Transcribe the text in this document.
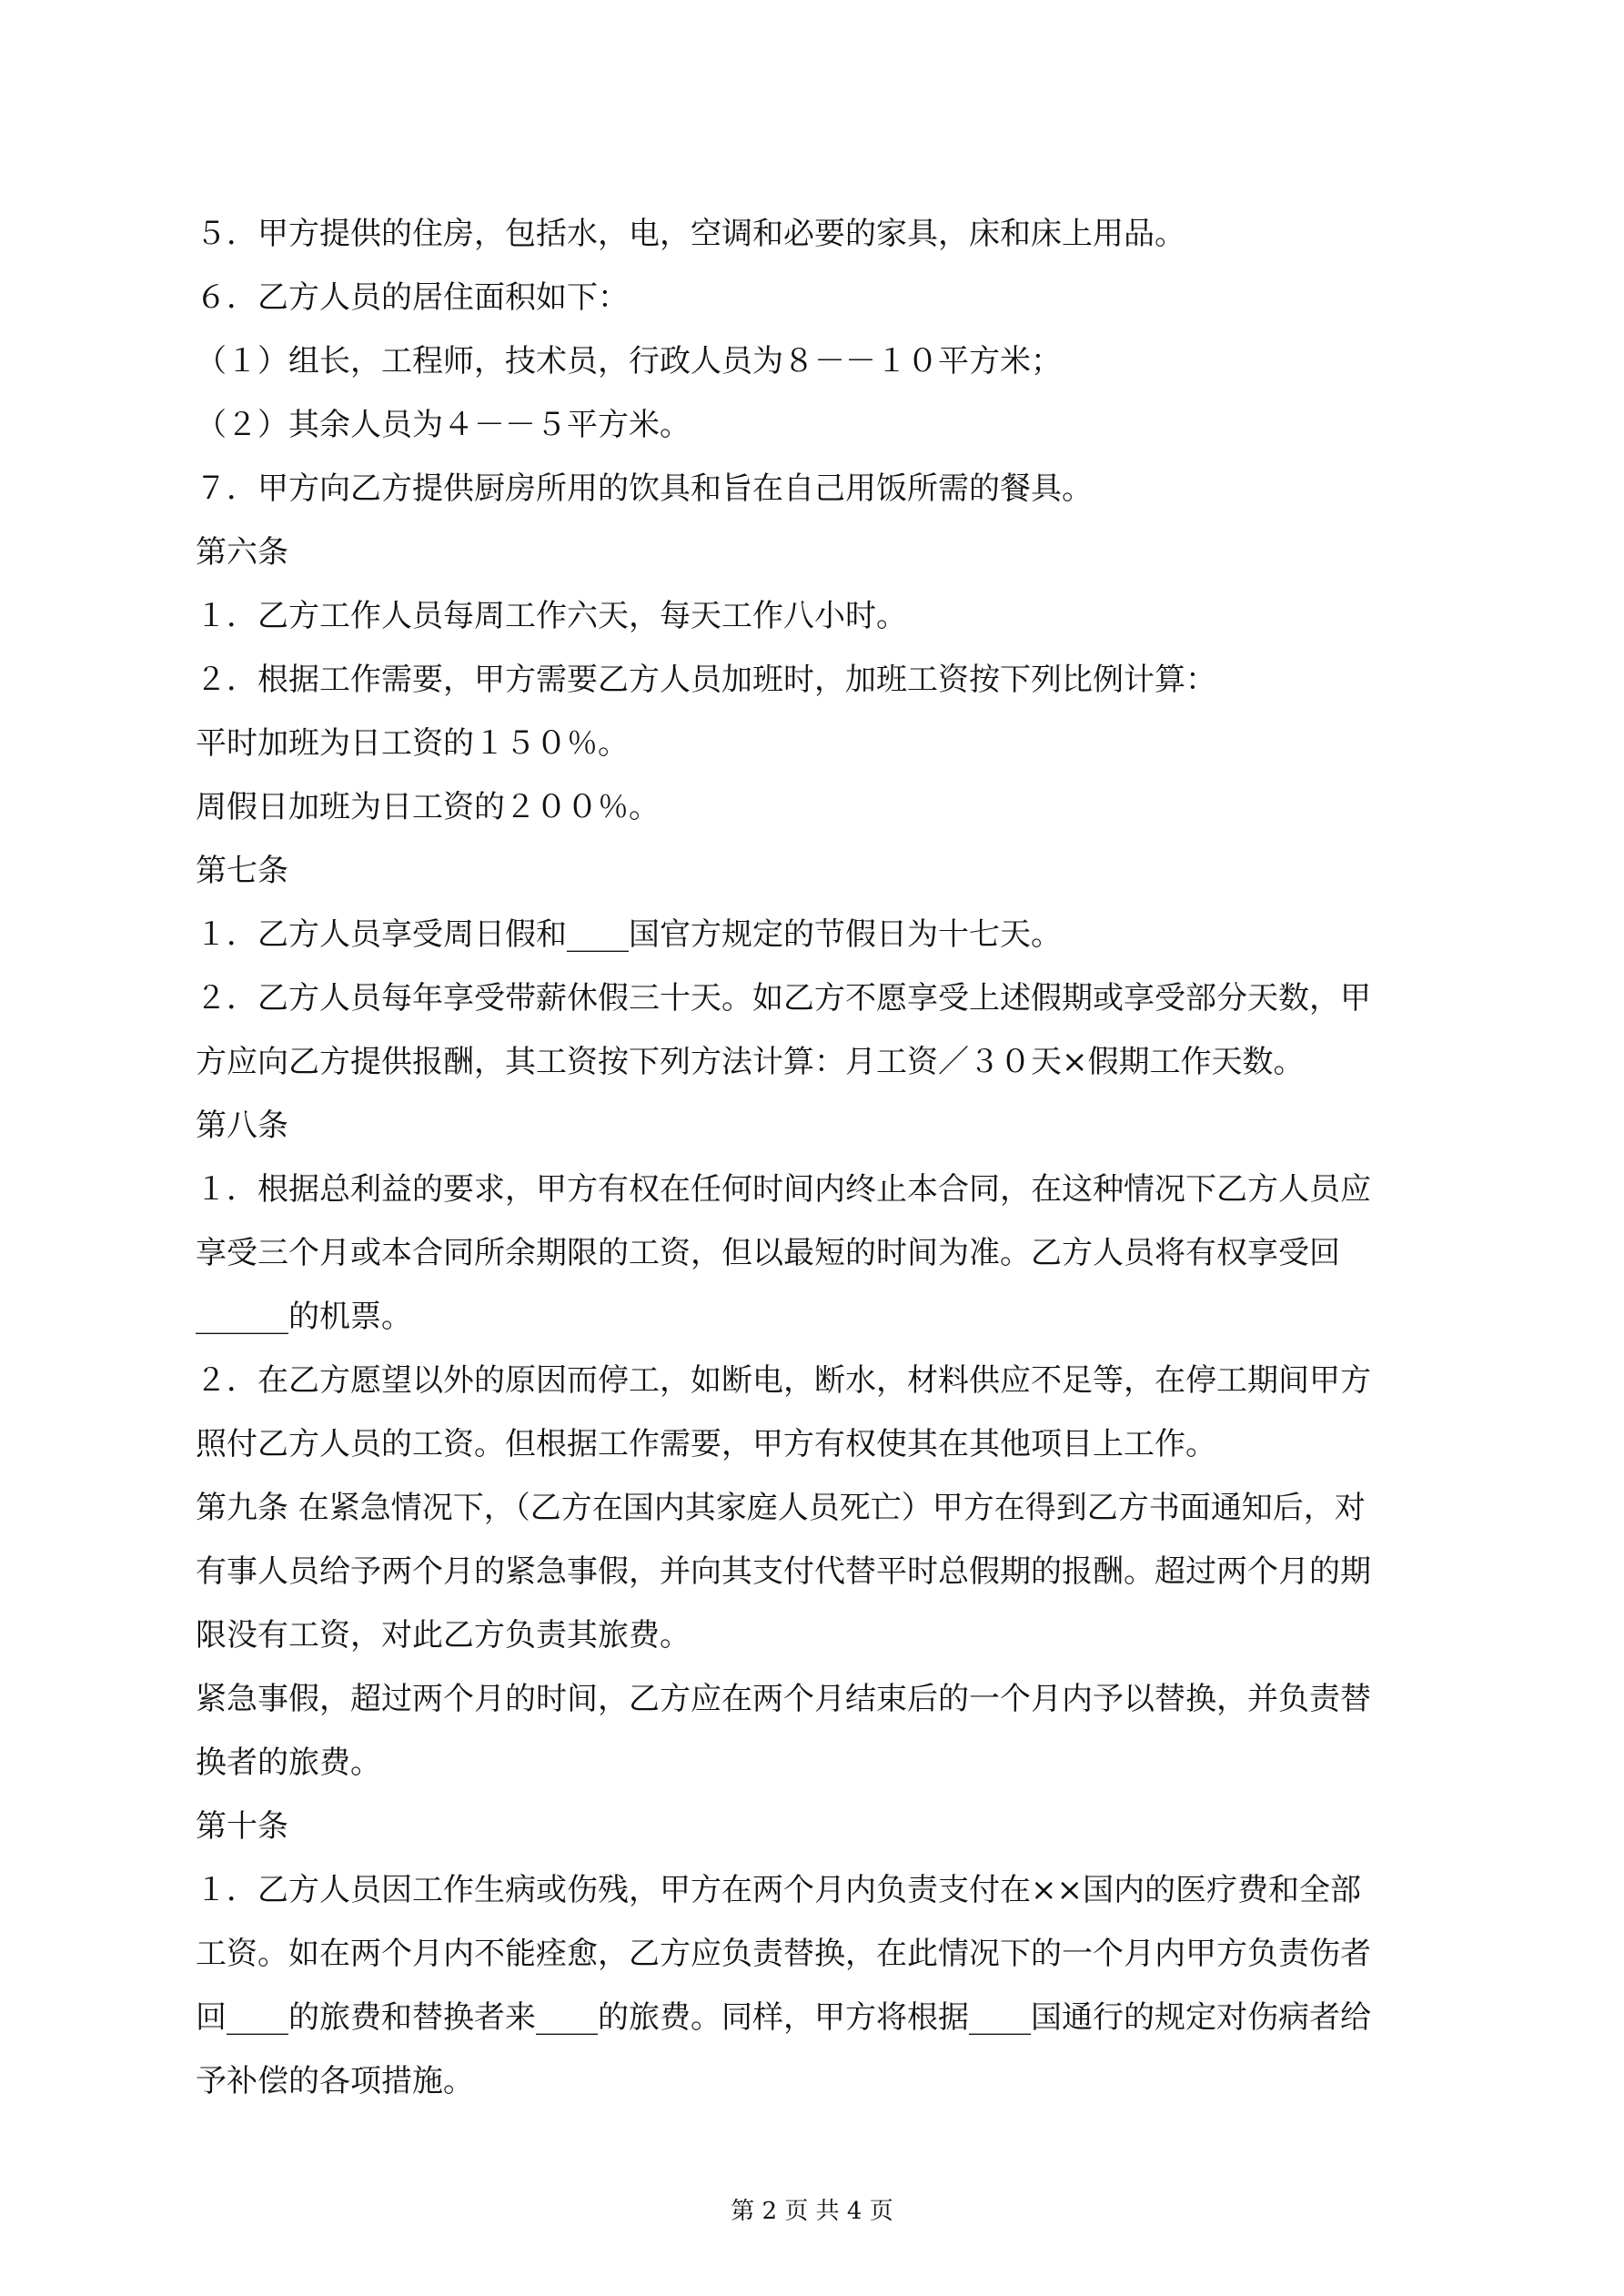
５．甲方提供的住房，包括水，电，空调和必要的家具，床和床上用品。

６．乙方人员的居住面积如下：

（１）组长，工程师，技术员，行政人员为８－－１０平方米；

（２）其余人员为４－－５平方米。

７．甲方向乙方提供厨房所用的饮具和旨在自己用饭所需的餐具。

第六条

１．乙方工作人员每周工作六天，每天工作八小时。

２．根据工作需要，甲方需要乙方人员加班时，加班工资按下列比例计算：

平时加班为日工资的１５０％。

周假日加班为日工资的２００％。

第七条

１．乙方人员享受周日假和____国官方规定的节假日为十七天。

２．乙方人员每年享受带薪休假三十天。如乙方不愿享受上述假期或享受部分天数，甲

方应向乙方提供报酬，其工资按下列方法计算：月工资／３０天×假期工作天数。

第八条

１．根据总利益的要求，甲方有权在任何时间内终止本合同，在这种情况下乙方人员应

享受三个月或本合同所余期限的工资，但以最短的时间为准。乙方人员将有权享受回

______的机票。

２．在乙方愿望以外的原因而停工，如断电，断水，材料供应不足等，在停工期间甲方

照付乙方人员的工资。但根据工作需要，甲方有权使其在其他项目上工作。

第九条 在紧急情况下，（乙方在国内其家庭人员死亡）甲方在得到乙方书面通知后，对

有事人员给予两个月的紧急事假，并向其支付代替平时总假期的报酬。超过两个月的期

限没有工资，对此乙方负责其旅费。

紧急事假，超过两个月的时间，乙方应在两个月结束后的一个月内予以替换，并负责替

换者的旅费。

第十条

１．乙方人员因工作生病或伤残，甲方在两个月内负责支付在××国内的医疗费和全部

工资。如在两个月内不能痊愈，乙方应负责替换，在此情况下的一个月内甲方负责伤者

回____的旅费和替换者来____的旅费。同样，甲方将根据____国通行的规定对伤病者给

予补偿的各项措施。

第 2 页 共 4 页
